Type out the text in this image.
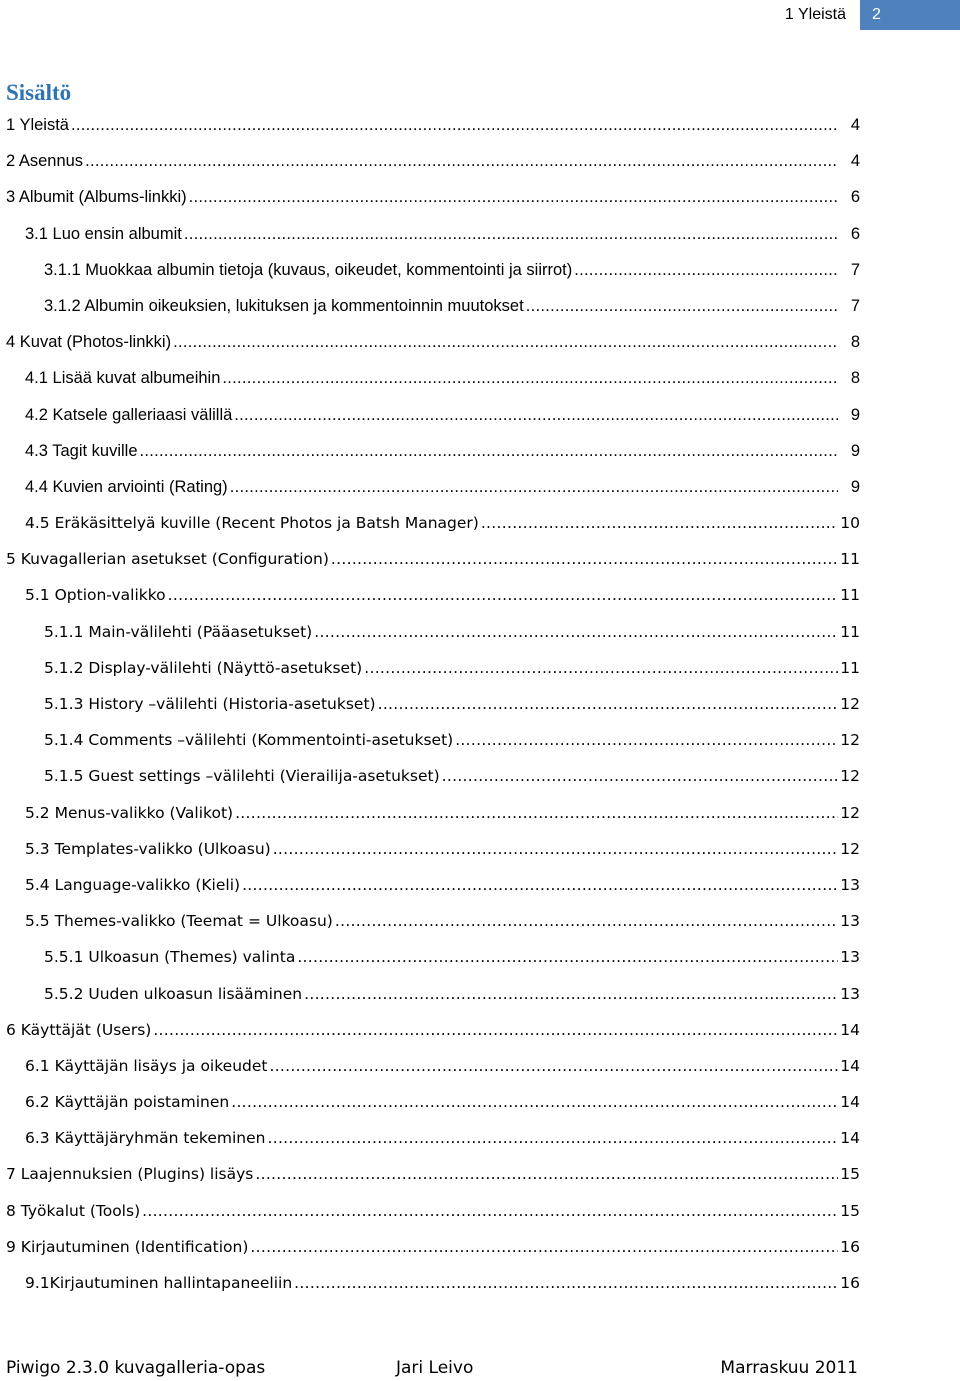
1 Yleistä	2
Sisältö
1 Yleistä .....	4
2 Asennus .....	4
3 Albumit (Albums-linkki) .....	6
3.1 Luo ensin albumit .....	6
3.1.1 Muokkaa albumin tietoja (kuvaus, oikeudet, kommentointi ja siirrot) .....	7
3.1.2 Albumin oikeuksien, lukituksen ja kommentoinnin muutokset .....	7
4 Kuvat (Photos-linkki) .....	8
4.1 Lisää kuvat albumeihin .....	8
4.2 Katsele galleriaasi välillä .....	9
4.3 Tagit kuville .....	9
4.4 Kuvien arviointi (Rating) .....	9
4.5 Eräkäsittelyä kuville (Recent Photos ja Batsh Manager) .....	10
5 Kuvagallerian asetukset (Configuration) .....	11
5.1 Option-valikko .....	11
5.1.1 Main-välilehti (Pääasetukset) .....	11
5.1.2 Display-välilehti (Näyttö-asetukset) .....	11
5.1.3 History –välilehti (Historia-asetukset) .....	12
5.1.4 Comments –välilehti (Kommentointi-asetukset) .....	12
5.1.5 Guest settings –välilehti (Vierailija-asetukset) .....	12
5.2 Menus-valikko (Valikot) .....	12
5.3 Templates-valikko (Ulkoasu) .....	12
5.4 Language-valikko (Kieli) .....	13
5.5 Themes-valikko (Teemat = Ulkoasu) .....	13
5.5.1 Ulkoasun (Themes) valinta .....	13
5.5.2 Uuden ulkoasun lisääminen .....	13
6 Käyttäjät (Users) .....	14
6.1 Käyttäjän lisäys ja oikeudet .....	14
6.2 Käyttäjän poistaminen .....	14
6.3 Käyttäjäryhmän tekeminen .....	14
7 Laajennuksien (Plugins) lisäys .....	15
8 Työkalut (Tools) .....	15
9 Kirjautuminen (Identification) .....	16
9.1Kirjautuminen hallintapaneeliin .....	16
Piwigo 2.3.0 kuvagalleria-opas	Jari Leivo	Marraskuu 2011
